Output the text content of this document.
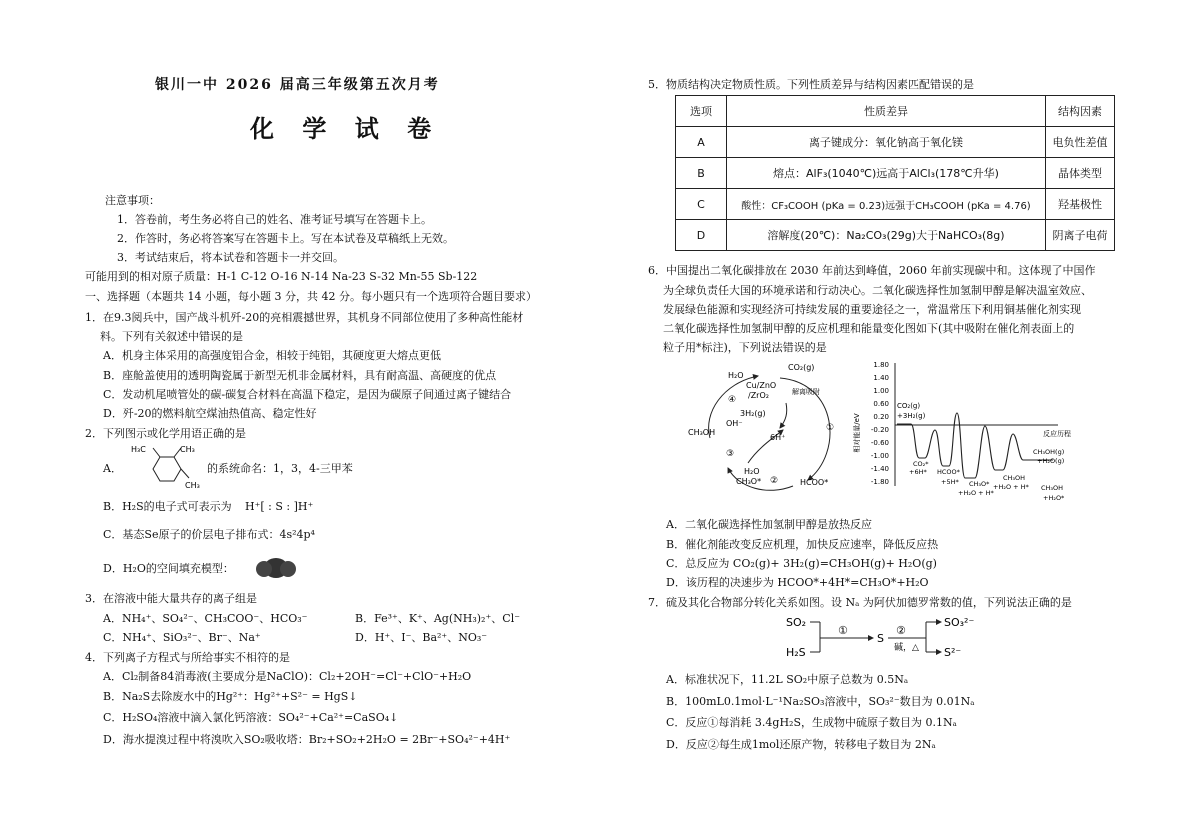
银川一中 2026 届高三年级第五次月考
化 学 试 卷
注意事项：
1．答卷前，考生务必将自己的姓名、准考证号填写在答题卡上。
2．作答时，务必将答案写在答题卡上。写在本试卷及草稿纸上无效。
3．考试结束后，将本试卷和答题卡一并交回。
可能用到的相对原子质量：H-1 C-12 O-16 N-14 Na-23 S-32 Mn-55 Sb-122
一、选择题（本题共 14 小题，每小题 3 分，共 42 分。每小题只有一个选项符合题目要求）
1．在9.3阅兵中，国产战斗机歼-20的亮相震撼世界，其机身不同部位使用了多种高性能材
料。下列有关叙述中错误的是
A．机身主体采用的高强度铝合金，相较于纯铝，其硬度更大熔点更低
B．座舱盖使用的透明陶瓷属于新型无机非金属材料，具有耐高温、高硬度的优点
C．发动机尾喷管处的碳-碳复合材料在高温下稳定，是因为碳原子间通过离子键结合
D．歼-20的燃料航空煤油热值高、稳定性好
2．下列图示或化学用语正确的是
A．
H₃C	CH₃
CH₃
的系统命名：1，3，4-三甲苯
B．H₂S的电子式可表示为 H⁺[ : S : ]H⁺
C．基态Se原子的价层电子排布式：4s²4p⁴
D．H₂O的空间填充模型：
3．在溶液中能大量共存的离子组是
A．NH₄⁺、SO₄²⁻、CH₃COO⁻、HCO₃⁻	B．Fe³⁺、K⁺、Ag(NH₃)₂⁺、Cl⁻
C．NH₄⁺、SiO₃²⁻、Br⁻、Na⁺	D．H⁺、I⁻、Ba²⁺、NO₃⁻
4．下列离子方程式与所给事实不相符的是
A．Cl₂制备84消毒液(主要成分是NaClO)：Cl₂+2OH⁻=Cl⁻+ClO⁻+H₂O
B．Na₂S去除废水中的Hg²⁺：Hg²⁺+S²⁻ = HgS↓
C．H₂SO₄溶液中滴入氯化钙溶液：SO₄²⁻+Ca²⁺=CaSO₄↓
D．海水提溴过程中将溴吹入SO₂吸收塔：Br₂+SO₂+2H₂O = 2Br⁻+SO₄²⁻+4H⁺
5．物质结构决定物质性质。下列性质差异与结构因素匹配错误的是
选项	性质差异	结构因素
A	离子键成分：氧化钠高于氧化镁	电负性差值
B	熔点：AlF₃(1040℃)远高于AlCl₃(178℃升华)	晶体类型
C	酸性：CF₃COOH (pKa = 0.23)远强于CH₃COOH (pKa = 4.76)	羟基极性
D	溶解度(20℃)：Na₂CO₃(29g)大于NaHCO₃(8g)	阴离子电荷
6．中国提出二氧化碳排放在 2030 年前达到峰值，2060 年前实现碳中和。这体现了中国作
为全球负责任大国的环境承诺和行动决心。二氧化碳选择性加氢制甲醇是解决温室效应、
发展绿色能源和实现经济可持续发展的重要途径之一，常温常压下利用铜基催化剂实现
二氧化碳选择性加氢制甲醇的反应机理和能量变化图如下(其中吸附在催化剂表面上的
粒子用*标注)，下列说法错误的是
CO₂(g)
H₂O
Cu/ZnO
/ZrO₂
3H₂(g)
解离吸附
OH⁻
6H⁺
CH₃OH
H₂O
CH₃O*	HCOO*
①
②
③
④
相对能量/eV
1.80
1.40
1.00
0.60
0.20
-0.20
-0.60
-1.00
-1.40
-1.80
CO₂(g)
+3H₂(g)
反应历程
CO₂*
+6H* HCOO*
+5H* CH₃O*
+H₂O + H*
CH₃OH
+H₂O + H*
CH₃OH(g)
+H₂O(g)
CH₃OH
+H₂O*
A．二氧化碳选择性加氢制甲醇是放热反应
B．催化剂能改变反应机理，加快反应速率，降低反应热
C．总反应为 CO₂(g)+ 3H₂(g)=CH₃OH(g)+ H₂O(g)
D．该历程的决速步为 HCOO*+4H*=CH₃O*+H₂O
7．硫及其化合物部分转化关系如图。设 Nₐ 为阿伏加德罗常数的值，下列说法正确的是
SO₂
H₂S
①
S
②
碱，△
SO₃²⁻
S²⁻
A．标准状况下，11.2L SO₂中原子总数为 0.5Nₐ
B．100mL0.1mol·L⁻¹Na₂SO₃溶液中，SO₃²⁻数目为 0.01Nₐ
C．反应①每消耗 3.4gH₂S，生成物中硫原子数目为 0.1Nₐ
D．反应②每生成1mol还原产物，转移电子数目为 2Nₐ
